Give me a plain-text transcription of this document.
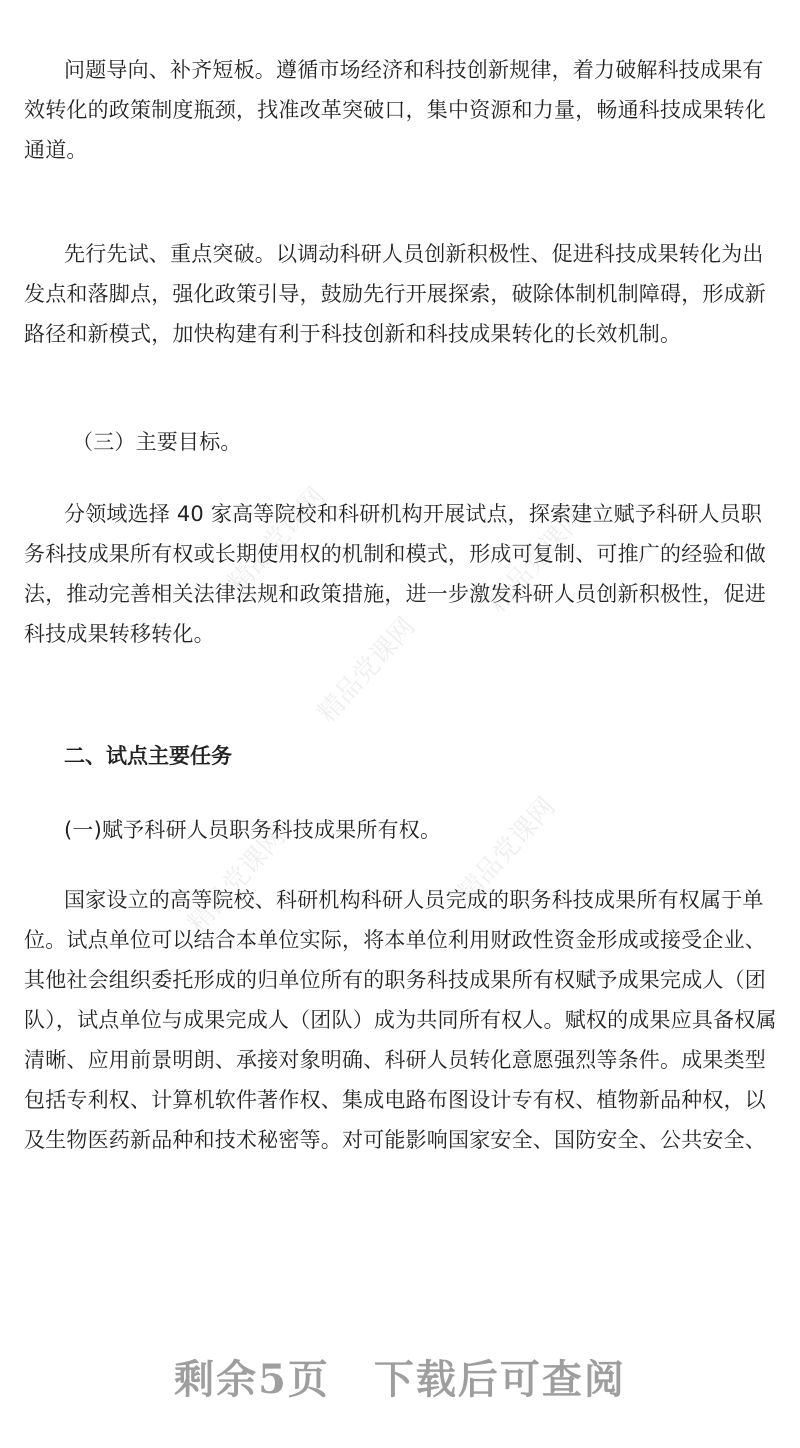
问题导向、补齐短板。遵循市场经济和科技创新规律，着力破解科技成果有效转化的政策制度瓶颈，找准改革突破口，集中资源和力量，畅通科技成果转化通道。

先行先试、重点突破。以调动科研人员创新积极性、促进科技成果转化为出发点和落脚点，强化政策引导，鼓励先行开展探索，破除体制机制障碍，形成新路径和新模式，加快构建有利于科技创新和科技成果转化的长效机制。

（三）主要目标。

分领域选择 40 家高等院校和科研机构开展试点，探索建立赋予科研人员职务科技成果所有权或长期使用权的机制和模式，形成可复制、可推广的经验和做法，推动完善相关法律法规和政策措施，进一步激发科研人员创新积极性，促进科技成果转移转化。

二、试点主要任务

(一)赋予科研人员职务科技成果所有权。

国家设立的高等院校、科研机构科研人员完成的职务科技成果所有权属于单位。试点单位可以结合本单位实际，将本单位利用财政性资金形成或接受企业、其他社会组织委托形成的归单位所有的职务科技成果所有权赋予成果完成人（团队），试点单位与成果完成人（团队）成为共同所有权人。赋权的成果应具备权属清晰、应用前景明朗、承接对象明确、科研人员转化意愿强烈等条件。成果类型包括专利权、计算机软件著作权、集成电路布图设计专有权、植物新品种权，以及生物医药新品种和技术秘密等。对可能影响国家安全、国防安全、公共安全、

精品党课网	精品党课网
精品党课网
精品党课网	精品党课网

剩余5页 下载后可查阅
